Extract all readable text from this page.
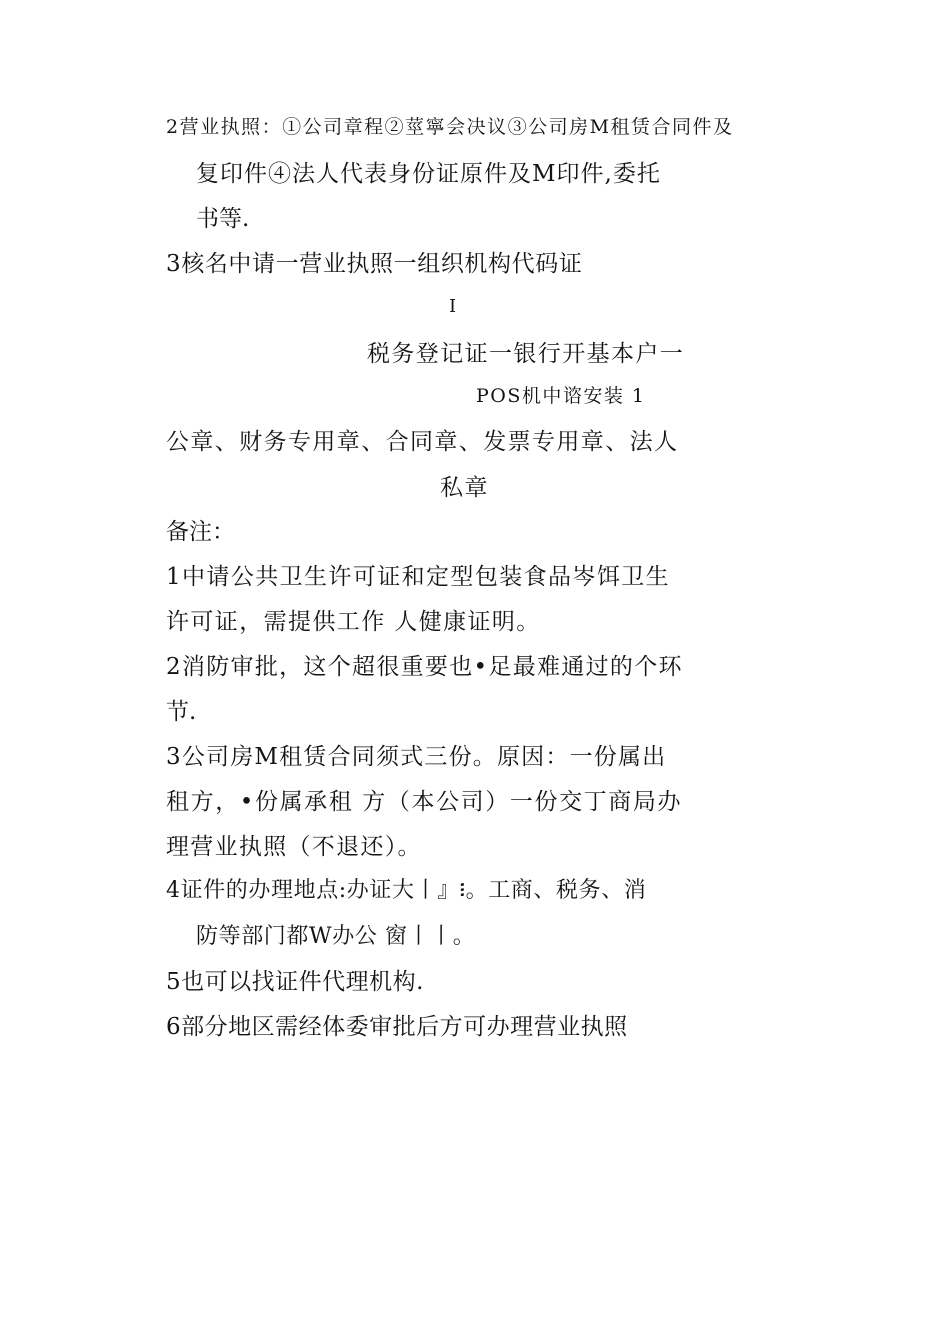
2营业执照：①公司章程②莖寧会决议③公司房M租赁合同件及
复印件④法人代表身份证原件及M印件,委托
书等.
3核名中请一营业执照一组织机构代码证
I
税务登记证一银行开基本户一
POS机中谘安装 1
公章、财务专用章、合同章、发票专用章、法人
私章
备注：
1中请公共卫生许可证和定型包装食品岑饵卫生
许可证，需提供工作 人健康证明。
2消防审批，这个超很重要也•足最难通过的个环
节.
3公司房M租赁合同须式三份。原因：一份属出
租方，•份属承租 方（本公司）一份交丁商局办
理营业执照（不退还）。
4证件的办理地点:办证大丨』፧。工商、税务、消
防等部门都W办公 窗丨丨。
5也可以找证件代理机构.
6部分地区需经体委审批后方可办理营业执照
